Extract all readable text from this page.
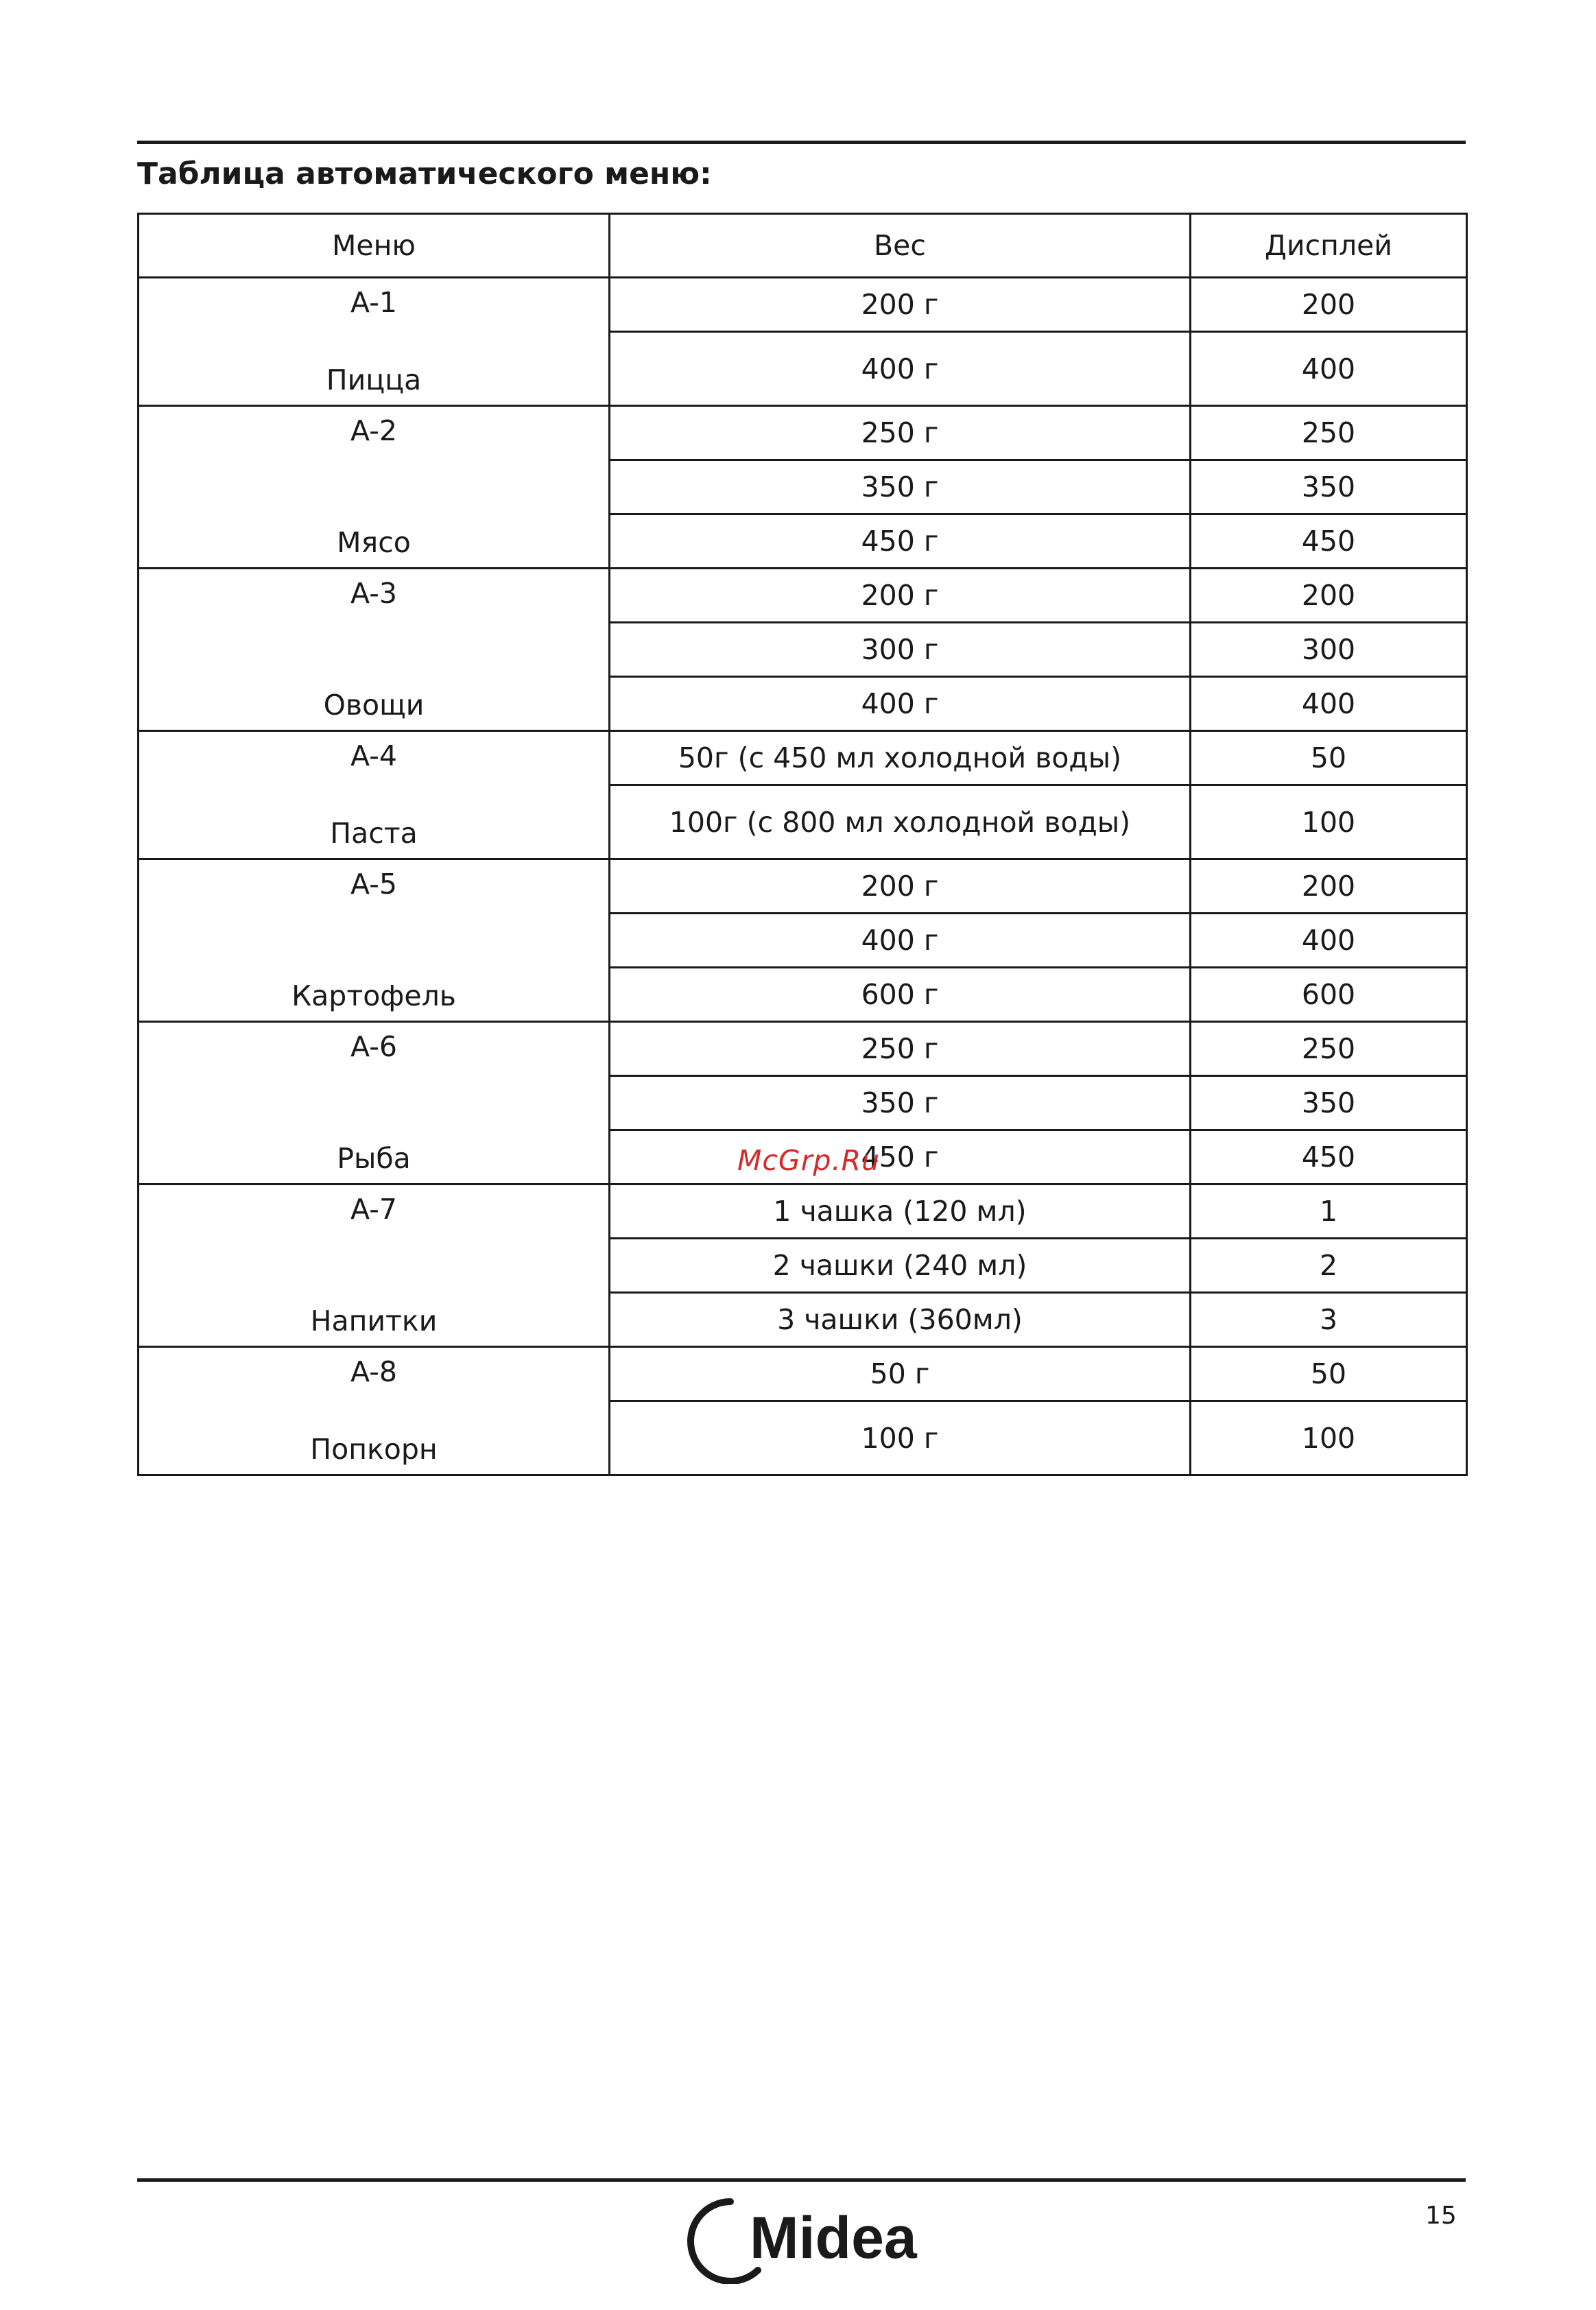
Таблица автоматического меню:
Меню	Вес	Дисплей

A-1
Пицца	200 г	200
	400 г	400

A-2
Мясо	250 г	250
	350 г	350
	450 г	450

A-3
Овощи	200 г	200
	300 г	300
	400 г	400

A-4
Паста	50г (с 450 мл холодной воды)	50
	100г (с 800 мл холодной воды)	100

A-5
Картофель	200 г	200
	400 г	400
	600 г	600

A-6
Рыба	250 г	250
	350 г	350
	450 г	450

A-7
Напитки	1 чашка (120 мл)	1
	2 чашки (240 мл)	2
	3 чашки (360мл)	3

A-8
Попкорн	50 г	50
	100 г	100
McGrp.Ru
Midea	15
